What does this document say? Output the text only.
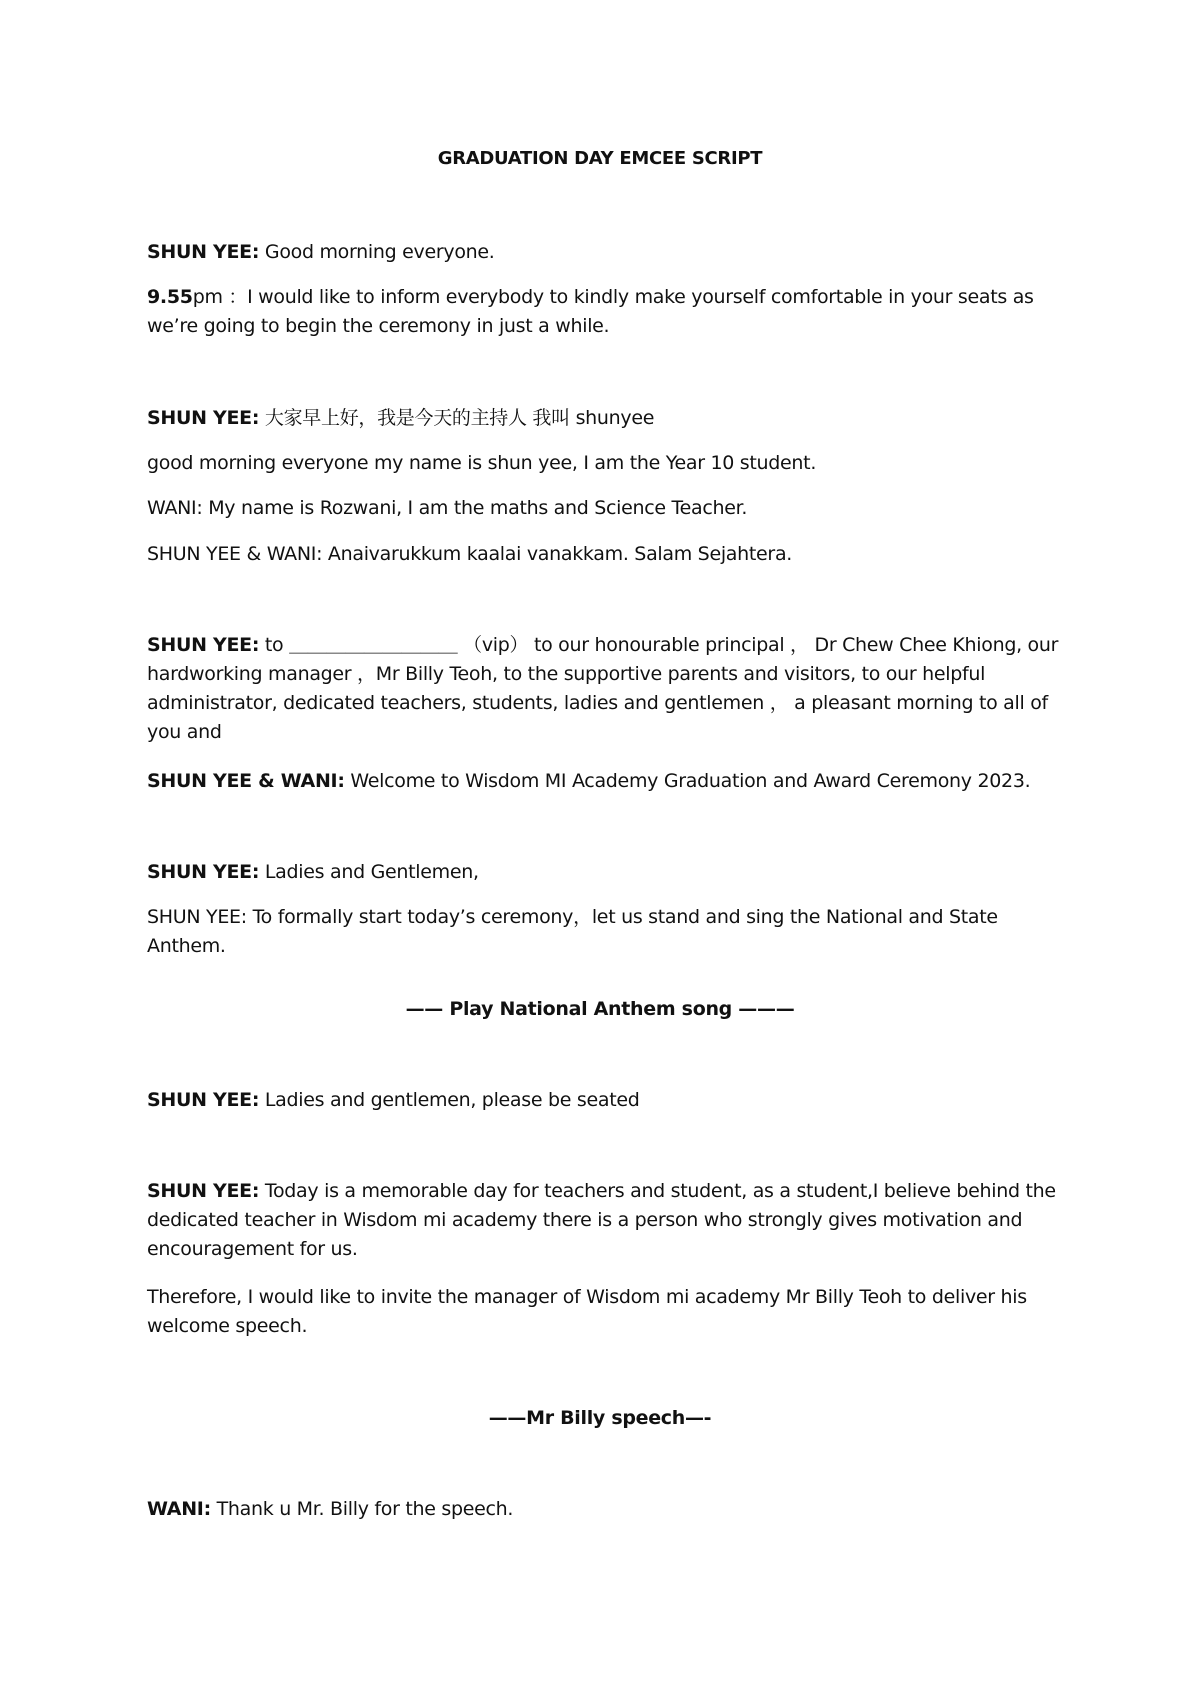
GRADUATION DAY EMCEE SCRIPT

SHUN YEE: Good morning everyone.

9.55pm ：I would like to inform everybody to kindly make yourself comfortable in your seats as we’re going to begin the ceremony in just a while.

SHUN YEE: 大家早上好，我是今天的主持人 我叫 shunyee

good morning everyone my name is shun yee, I am the Year 10 student.

WANI: My name is Rozwani, I am the maths and Science Teacher.

SHUN YEE & WANI: Anaivarukkum kaalai vanakkam. Salam Sejahtera.

SHUN YEE: to ＿＿＿＿＿＿＿＿＿ （vip） to our honourable principal ， Dr Chew Chee Khiong, our hardworking manager ，Mr Billy Teoh, to the supportive parents and visitors, to our helpful administrator, dedicated teachers, students, ladies and gentlemen ， a pleasant morning to all of you and

SHUN YEE & WANI: Welcome to Wisdom MI Academy Graduation and Award Ceremony 2023.

SHUN YEE: Ladies and Gentlemen,

SHUN YEE: To formally start today’s ceremony，let us stand and sing the National and State Anthem.

—— Play National Anthem song ———

SHUN YEE: Ladies and gentlemen, please be seated

SHUN YEE: Today is a memorable day for teachers and student, as a student,I believe behind the dedicated teacher in Wisdom mi academy there is a person who strongly gives motivation and encouragement for us.

Therefore, I would like to invite the manager of Wisdom mi academy Mr Billy Teoh to deliver his welcome speech.

——Mr Billy speech—-

WANI: Thank u Mr. Billy for the speech.
